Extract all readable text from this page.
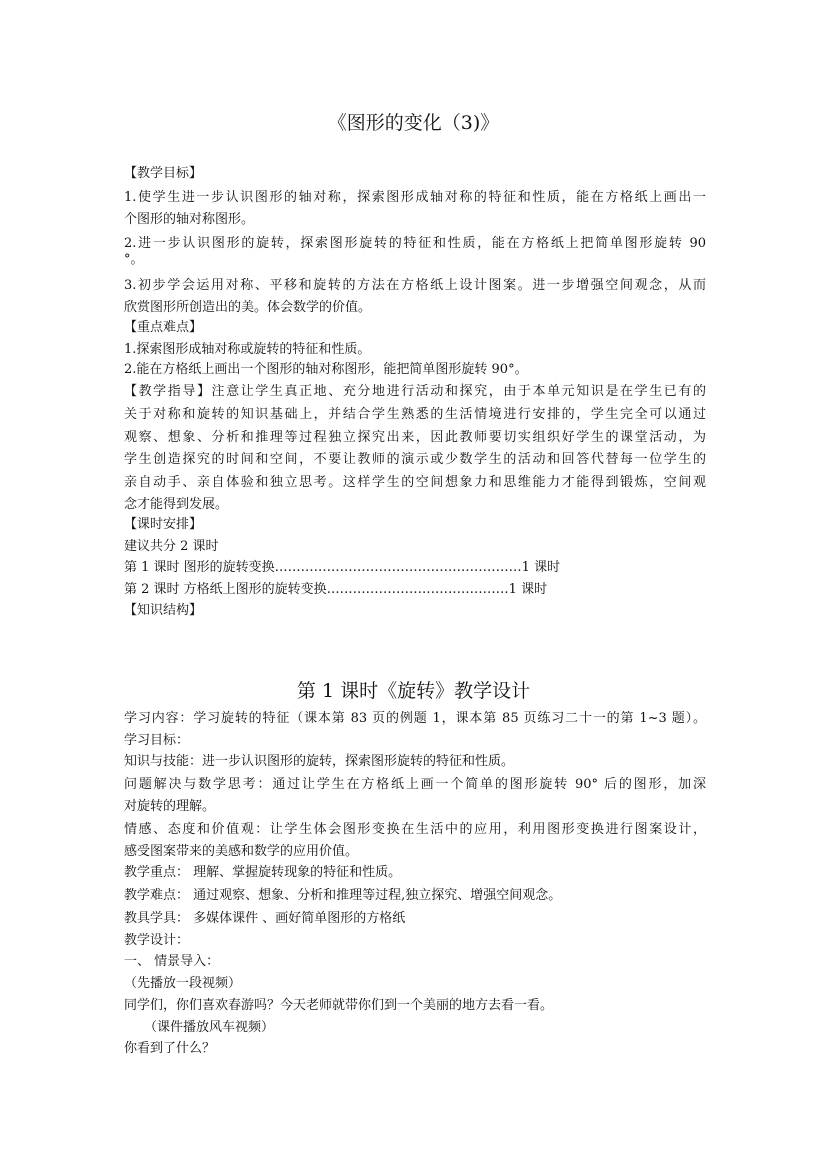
《图形的变化（3)》
【教学目标】
1.使学生进一步认识图形的轴对称，探索图形成轴对称的特征和性质，能在方格纸上画出一
个图形的轴对称图形。
2.进一步认识图形的旋转，探索图形旋转的特征和性质，能在方格纸上把简单图形旋转 90
°。
3.初步学会运用对称、平移和旋转的方法在方格纸上设计图案。进一步增强空间观念，从而
欣赏图形所创造出的美。体会数学的价值。
【重点难点】
1.探索图形成轴对称或旋转的特征和性质。
2.能在方格纸上画出一个图形的轴对称图形，能把简单图形旋转 90°。
【教学指导】注意让学生真正地、充分地进行活动和探究，由于本单元知识是在学生已有的
关于对称和旋转的知识基础上，并结合学生熟悉的生活情境进行安排的，学生完全可以通过
观察、想象、分析和推理等过程独立探究出来，因此教师要切实组织好学生的课堂活动，为
学生创造探究的时间和空间，不要让教师的演示或少数学生的活动和回答代替每一位学生的
亲自动手、亲自体验和独立思考。这样学生的空间想象力和思维能力才能得到锻炼，空间观
念才能得到发展。
【课时安排】
建议共分 2 课时
第 1 课时 图形的旋转变换…………………………………………………1 课时
第 2 课时 方格纸上图形的旋转变换……………………………………1 课时
【知识结构】
第 1 课时《旋转》教学设计
学习内容：学习旋转的特征（课本第 83 页的例题 1，课本第 85 页练习二十一的第 1~3 题）。
学习目标：
知识与技能：进一步认识图形的旋转，探索图形旋转的特征和性质。
问题解决与数学思考：通过让学生在方格纸上画一个简单的图形旋转 90° 后的图形，加深
对旋转的理解。
情感、态度和价值观：让学生体会图形变换在生活中的应用，利用图形变换进行图案设计，
感受图案带来的美感和数学的应用价值。
教学重点： 理解、掌握旋转现象的特征和性质。
教学难点： 通过观察、想象、分析和推理等过程,独立探究、增强空间观念。
教具学具： 多媒体课件 、画好简单图形的方格纸
教学设计：
一、 情景导入：
（先播放一段视频）
同学们，你们喜欢春游吗？今天老师就带你们到一个美丽的地方去看一看。
（课件播放风车视频）
你看到了什么？
